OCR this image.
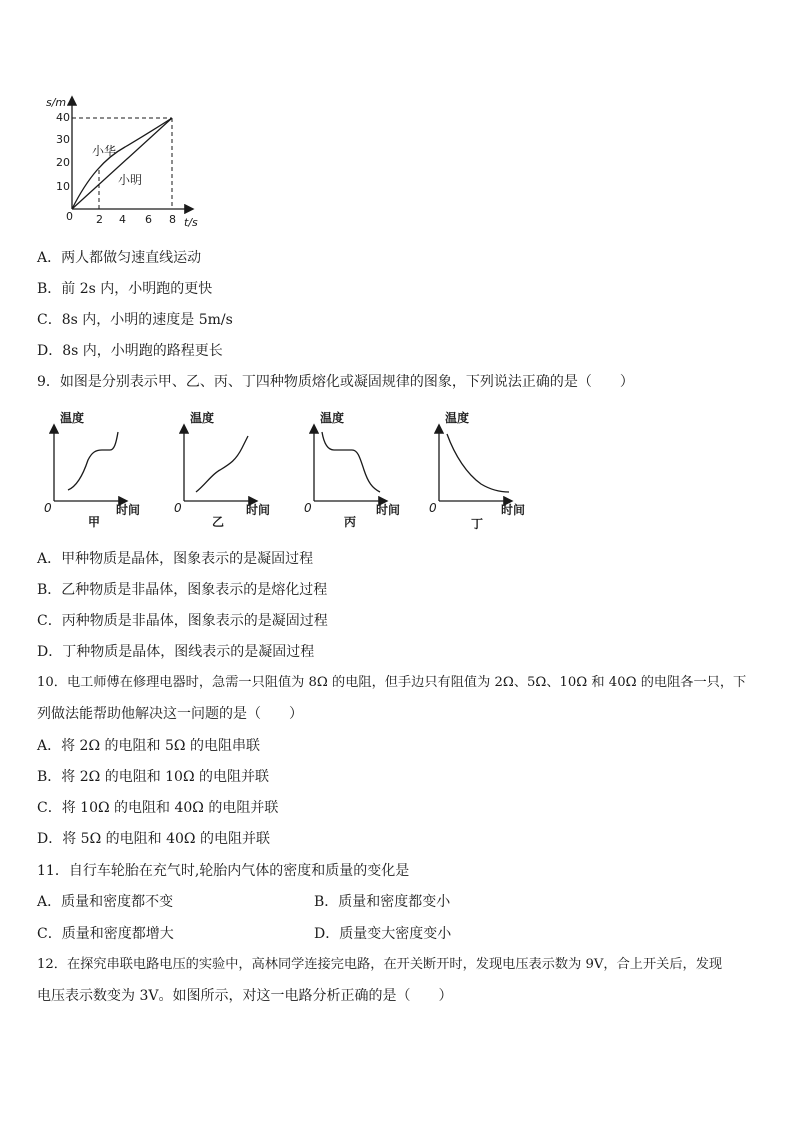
s/m
t/s
0
10
20
30
40
2 4 6 8
小华
小明
A．两人都做匀速直线运动
B．前 2s 内，小明跑的更快
C．8s 内，小明的速度是 5m/s
D．8s 内，小明跑的路程更长
9．如图是分别表示甲、乙、丙、丁四种物质熔化或凝固规律的图象，下列说法正确的是（　　）
温度
时间
0
甲
温度
时间
0
乙
温度
时间
0
丙
温度
时间
0
丁
A．甲种物质是晶体，图象表示的是凝固过程
B．乙种物质是非晶体，图象表示的是熔化过程
C．丙种物质是非晶体，图象表示的是凝固过程
D．丁种物质是晶体，图线表示的是凝固过程
10．电工师傅在修理电器时，急需一只阻值为 8Ω 的电阻，但手边只有阻值为 2Ω、5Ω、10Ω 和 40Ω 的电阻各一只，下
列做法能帮助他解决这一问题的是（　　）
A．将 2Ω 的电阻和 5Ω 的电阻串联
B．将 2Ω 的电阻和 10Ω 的电阻并联
C．将 10Ω 的电阻和 40Ω 的电阻并联
D．将 5Ω 的电阻和 40Ω 的电阻并联
11．自行车轮胎在充气时,轮胎内气体的密度和质量的变化是
A．质量和密度都不变	B．质量和密度都变小
C．质量和密度都增大	D．质量变大密度变小
12．在探究串联电路电压的实验中，高林同学连接完电路，在开关断开时，发现电压表示数为 9V，合上开关后，发现
电压表示数变为 3V。如图所示，对这一电路分析正确的是（　　）
